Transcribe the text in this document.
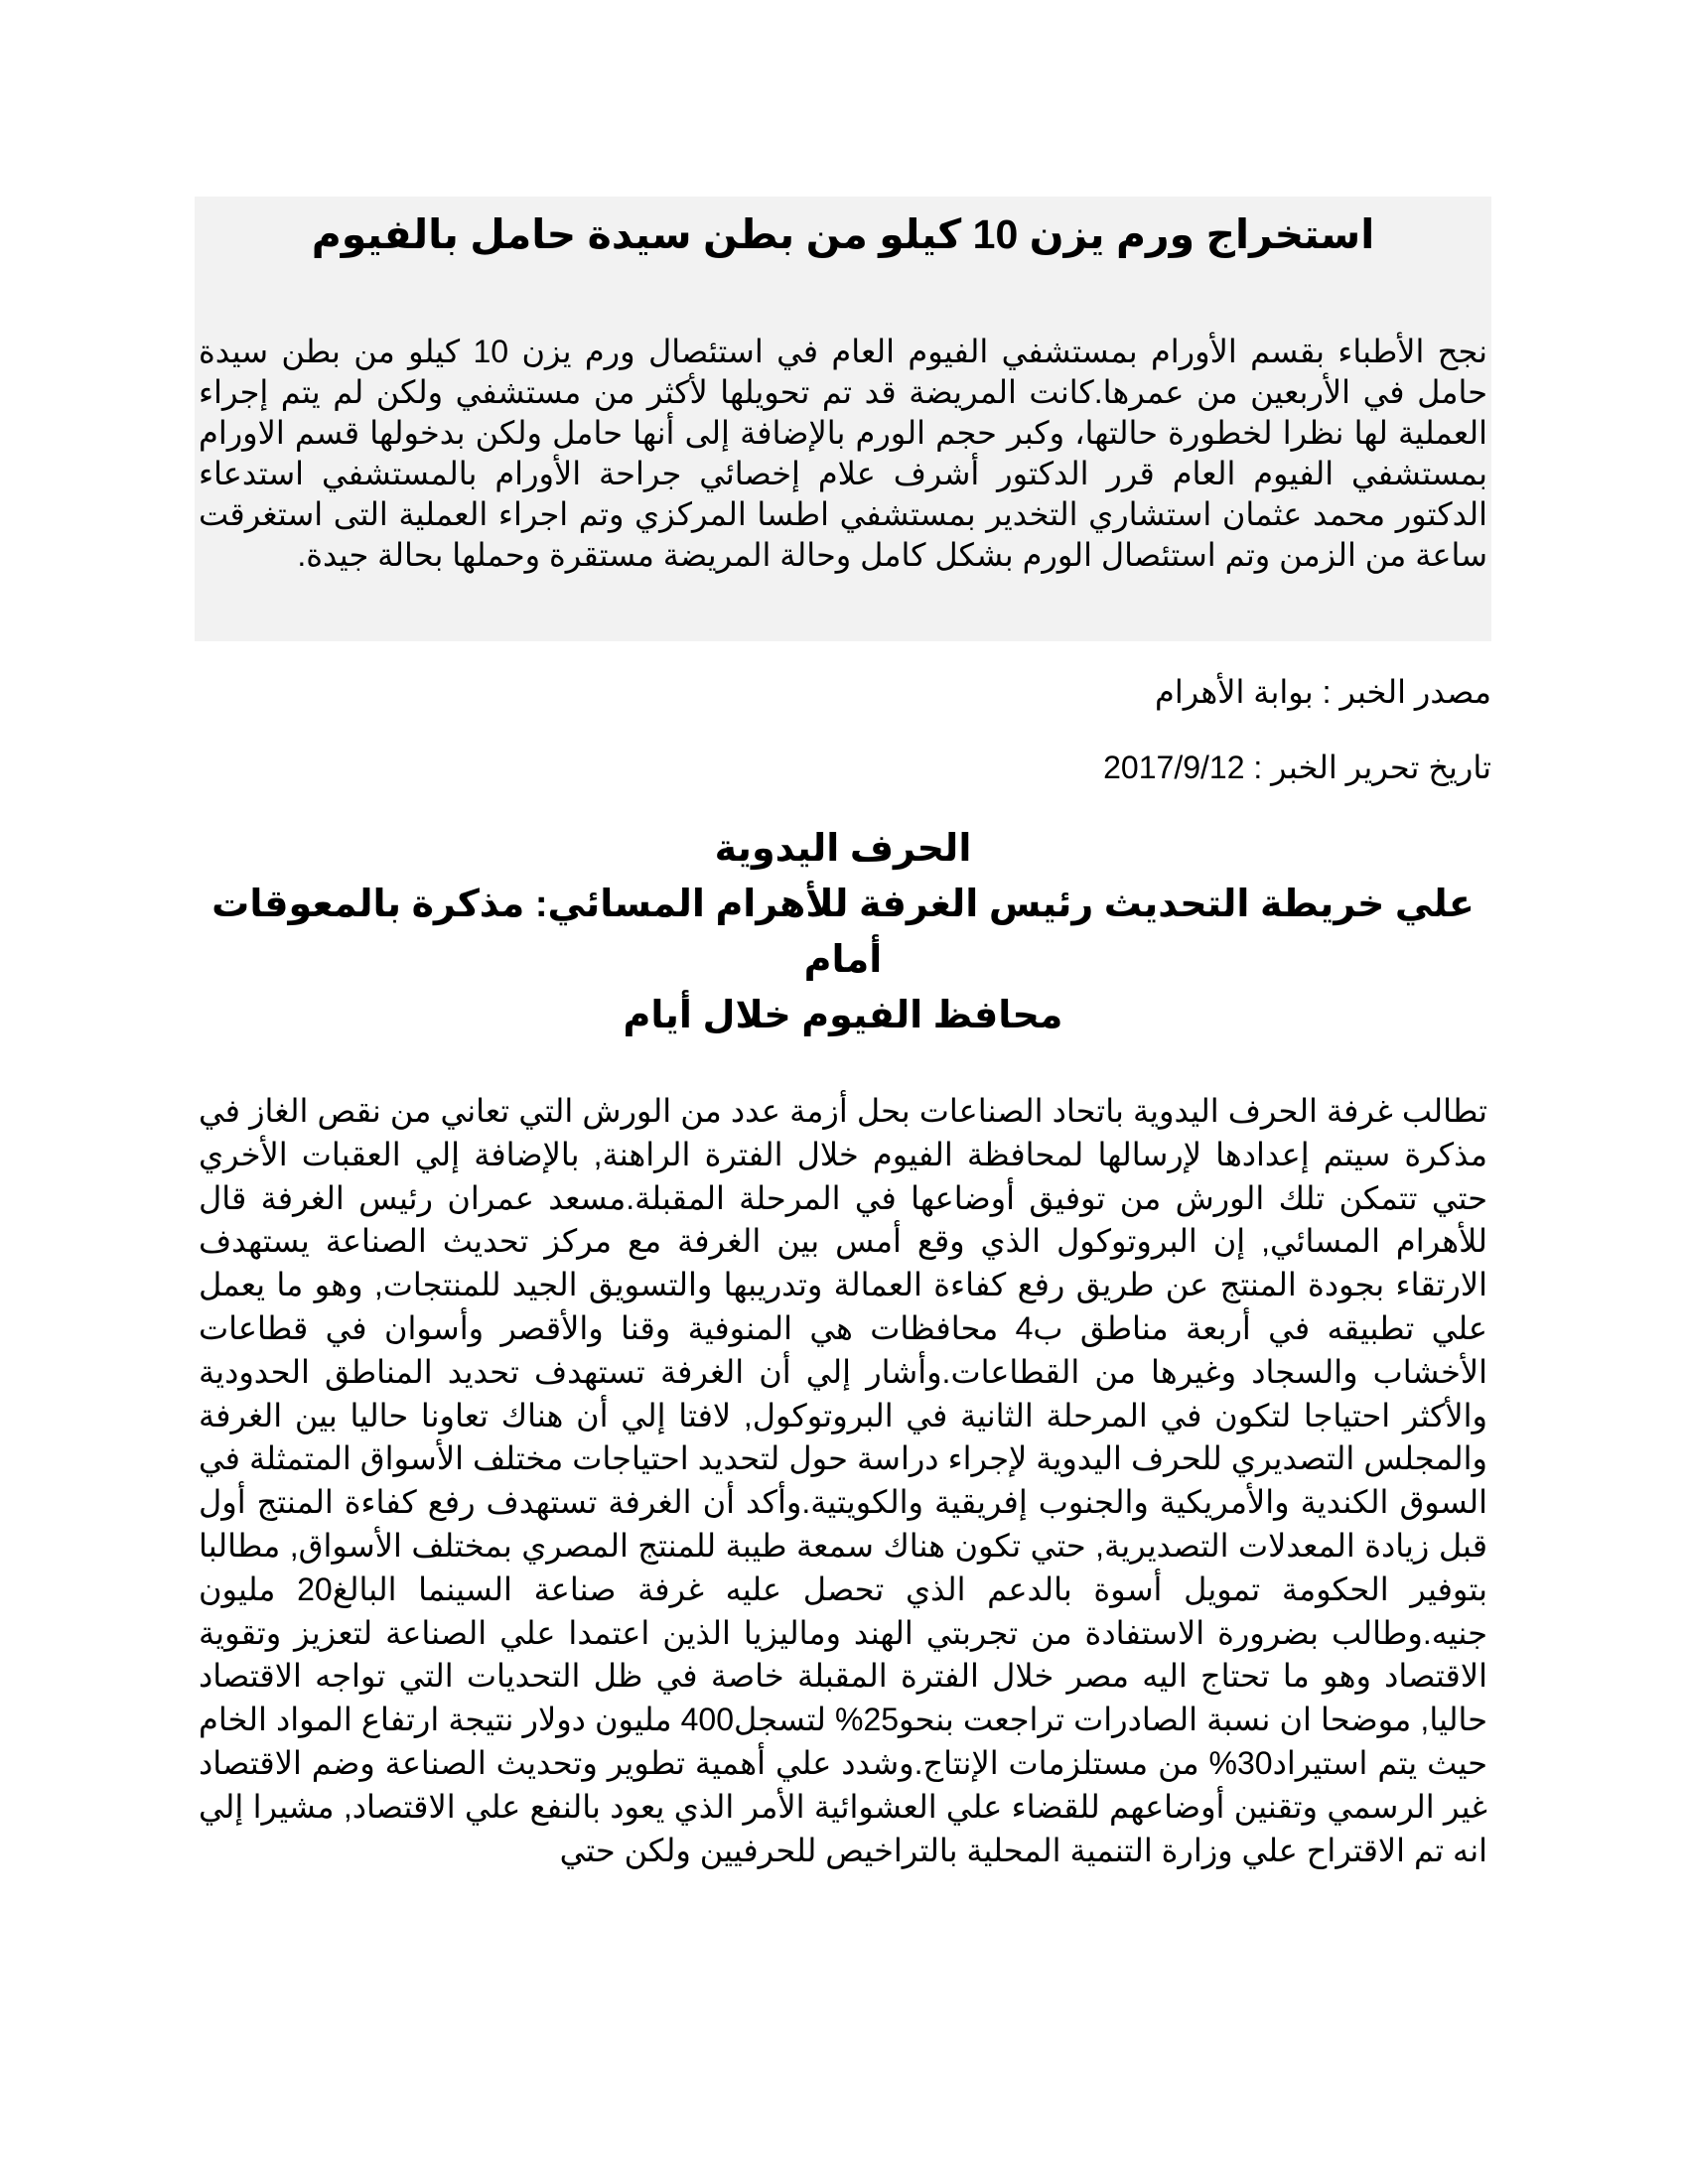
استخراج ورم يزن 10 كيلو من بطن سيدة حامل بالفيوم

نجح الأطباء بقسم الأورام بمستشفي الفيوم العام في استئصال ورم يزن 10 كيلو من بطن سيدة حامل في الأربعين من عمرها.كانت المريضة قد تم تحويلها لأكثر من مستشفي ولكن لم يتم إجراء العملية لها نظرا لخطورة حالتها، وكبر حجم الورم بالإضافة إلى أنها حامل ولكن بدخولها قسم الاورام بمستشفي الفيوم العام قرر الدكتور أشرف علام إخصائي جراحة الأورام بالمستشفي استدعاء الدكتور محمد عثمان استشاري التخدير بمستشفي اطسا المركزي وتم اجراء العملية التى استغرقت ساعة من الزمن وتم استئصال الورم بشكل كامل وحالة المريضة مستقرة وحملها بحالة جيدة.

مصدر الخبر : بوابة الأهرام
تاريخ تحرير الخبر : 2017/9/12
الحرف اليدوية
علي خريطة التحديث رئيس الغرفة للأهرام المسائي: مذكرة بالمعوقات أمام
محافظ الفيوم خلال أيام

تطالب غرفة الحرف اليدوية باتحاد الصناعات بحل أزمة عدد من الورش التي تعاني من نقص الغاز في مذكرة سيتم إعدادها لإرسالها لمحافظة الفيوم خلال الفترة الراهنة, بالإضافة إلي العقبات الأخري حتي تتمكن تلك الورش من توفيق أوضاعها في المرحلة المقبلة.مسعد عمران رئيس الغرفة قال للأهرام المسائي, إن البروتوكول الذي وقع أمس بين الغرفة مع مركز تحديث الصناعة يستهدف الارتقاء بجودة المنتج عن طريق رفع كفاءة العمالة وتدريبها والتسويق الجيد للمنتجات, وهو ما يعمل علي تطبيقه في أربعة مناطق ب4 محافظات هي المنوفية وقنا والأقصر وأسوان في قطاعات الأخشاب والسجاد وغيرها من القطاعات.وأشار إلي أن الغرفة تستهدف تحديد المناطق الحدودية والأكثر احتياجا لتكون في المرحلة الثانية في البروتوكول, لافتا إلي أن هناك تعاونا حاليا بين الغرفة والمجلس التصديري للحرف اليدوية لإجراء دراسة حول لتحديد احتياجات مختلف الأسواق المتمثلة في السوق الكندية والأمريكية والجنوب إفريقية والكويتية.وأكد أن الغرفة تستهدف رفع كفاءة المنتج أول قبل زيادة المعدلات التصديرية, حتي تكون هناك سمعة طيبة للمنتج المصري بمختلف الأسواق, مطالبا بتوفير الحكومة تمويل أسوة بالدعم الذي تحصل عليه غرفة صناعة السينما البالغ20 مليون جنيه.وطالب بضرورة الاستفادة من تجربتي الهند وماليزيا الذين اعتمدا علي الصناعة لتعزيز وتقوية الاقتصاد وهو ما تحتاج اليه مصر خلال الفترة المقبلة خاصة في ظل التحديات التي تواجه الاقتصاد حاليا, موضحا ان نسبة الصادرات تراجعت بنحو25% لتسجل400 مليون دولار نتيجة ارتفاع المواد الخام حيث يتم استيراد30% من مستلزمات الإنتاج.وشدد علي أهمية تطوير وتحديث الصناعة وضم الاقتصاد غير الرسمي وتقنين أوضاعهم للقضاء علي العشوائية الأمر الذي يعود بالنفع علي الاقتصاد, مشيرا إلي انه تم الاقتراح علي وزارة التنمية المحلية بالتراخيص للحرفيين ولكن حتي
